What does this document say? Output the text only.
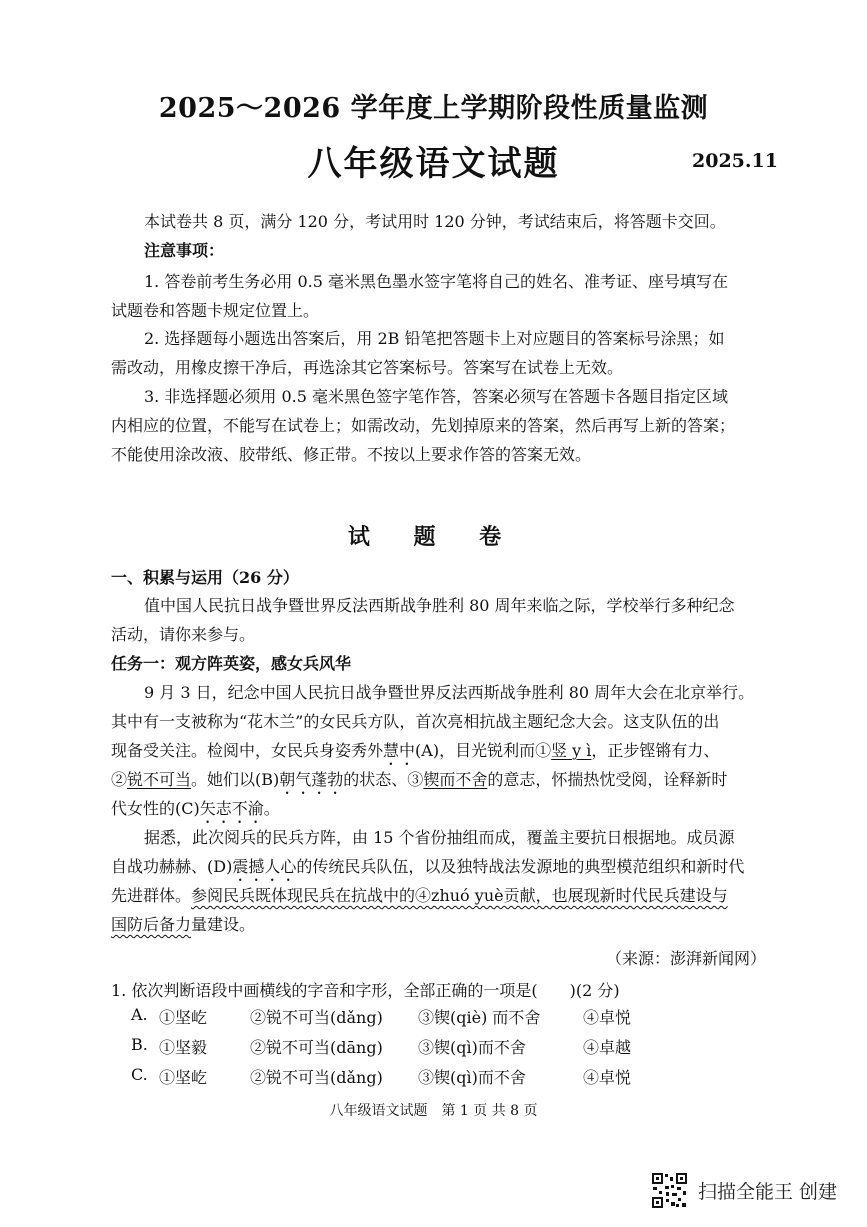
2025～2026 学年度上学期阶段性质量监测
八年级语文试题	2025.11
本试卷共 8 页，满分 120 分，考试用时 120 分钟，考试结束后，将答题卡交回。
注意事项：
1. 答卷前考生务必用 0.5 毫米黑色墨水签字笔将自己的姓名、准考证、座号填写在
试题卷和答题卡规定位置上。
2. 选择题每小题选出答案后，用 2B 铅笔把答题卡上对应题目的答案标号涂黑；如
需改动，用橡皮擦干净后，再选涂其它答案标号。答案写在试卷上无效。
3. 非选择题必须用 0.5 毫米黑色签字笔作答，答案必须写在答题卡各题目指定区域
内相应的位置，不能写在试卷上；如需改动，先划掉原来的答案，然后再写上新的答案；
不能使用涂改液、胶带纸、修正带。不按以上要求作答的答案无效。
试 题 卷
一、积累与运用（26 分）
值中国人民抗日战争暨世界反法西斯战争胜利 80 周年来临之际，学校举行多种纪念
活动，请你来参与。
任务一：观方阵英姿，感女兵风华
9 月 3 日，纪念中国人民抗日战争暨世界反法西斯战争胜利 80 周年大会在北京举行。
其中有一支被称为“花木兰”的女民兵方队，首次亮相抗战主题纪念大会。这支队伍的出
现备受关注。检阅中，女民兵身姿秀外慧中(A)，目光锐利而①竖 y ì，正步铿锵有力、
②锐不可当。她们以(B)朝气蓬勃的状态、③锲而不舍的意志，怀揣热忱受阅，诠释新时
代女性的(C)矢志不渝。
据悉，此次阅兵的民兵方阵，由 15 个省份抽组而成，覆盖主要抗日根据地。成员源
自战功赫赫、(D)震撼人心的传统民兵队伍，以及独特战法发源地的典型模范组织和新时代
先进群体。参阅民兵既体现民兵在抗战中的④zhuó yuè贡献，也展现新时代民兵建设与
国防后备力量建设。
（来源：澎湃新闻网）
1. 依次判断语段中画横线的字音和字形，全部正确的一项是(　　)(2 分)
A. ①坚屹	②锐不可当(dǎng) ③锲(qiè) 而不舍	④卓悦
B. ①坚毅	②锐不可当(dāng) ③锲(qì)而不舍	④卓越
C. ①坚屹	②锐不可当(dǎng) ③锲(qì)而不舍	④卓悦
八年级语文试题　第 1 页 共 8 页
扫描全能王 创建
